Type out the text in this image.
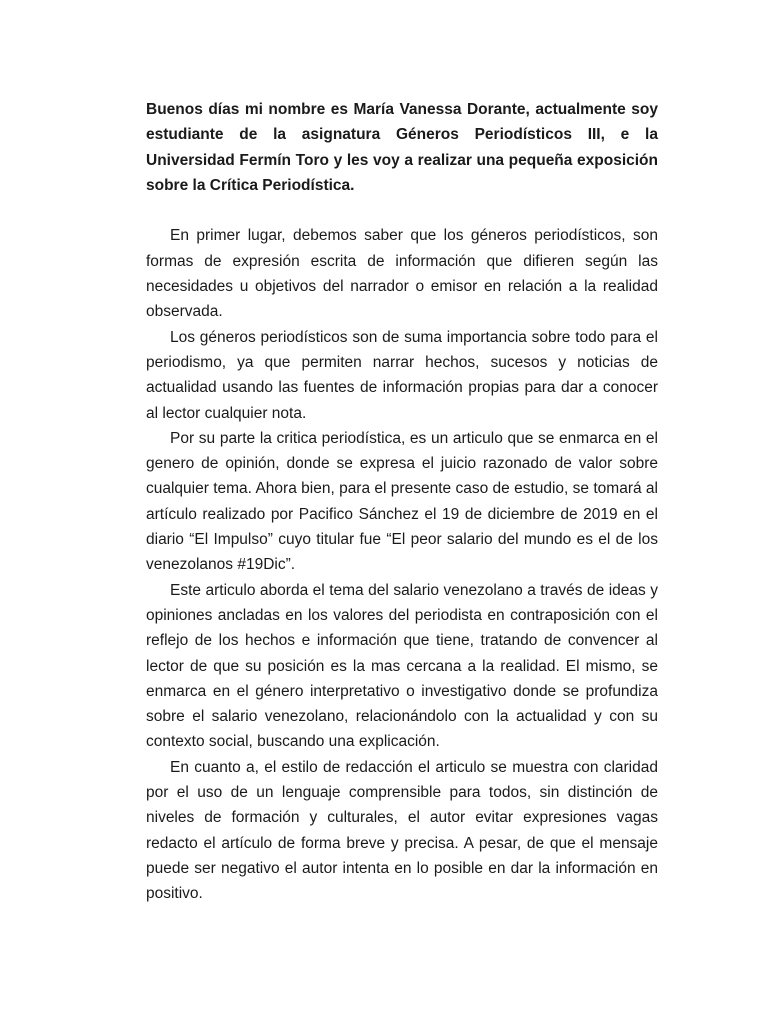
Buenos días mi nombre es María Vanessa Dorante, actualmente soy estudiante de la asignatura Géneros Periodísticos III, e la Universidad Fermín Toro y les voy a realizar una pequeña exposición sobre la Crítica Periodística.

En primer lugar, debemos saber que los géneros periodísticos, son formas de expresión escrita de información que difieren según las necesidades u objetivos del narrador o emisor en relación a la realidad observada.

Los géneros periodísticos son de suma importancia sobre todo para el periodismo, ya que permiten narrar hechos, sucesos y noticias de actualidad usando las fuentes de información propias para dar a conocer al lector cualquier nota.

Por su parte la critica periodística, es un articulo que se enmarca en el genero de opinión, donde se expresa el juicio razonado de valor sobre cualquier tema. Ahora bien, para el presente caso de estudio, se tomará al artículo realizado por Pacifico Sánchez el 19 de diciembre de 2019 en el diario “El Impulso” cuyo titular fue “El peor salario del mundo es el de los venezolanos #19Dic”.

Este articulo aborda el tema del salario venezolano a través de ideas y opiniones ancladas en los valores del periodista en contraposición con el reflejo de los hechos e información que tiene, tratando de convencer al lector de que su posición es la mas cercana a la realidad. El mismo, se enmarca en el género interpretativo o investigativo donde se profundiza sobre el salario venezolano, relacionándolo con la actualidad y con su contexto social, buscando una explicación.

En cuanto a, el estilo de redacción el articulo se muestra con claridad por el uso de un lenguaje comprensible para todos, sin distinción de niveles de formación y culturales, el autor evitar expresiones vagas redacto el artículo de forma breve y precisa. A pesar, de que el mensaje puede ser negativo el autor intenta en lo posible en dar la información en positivo.
